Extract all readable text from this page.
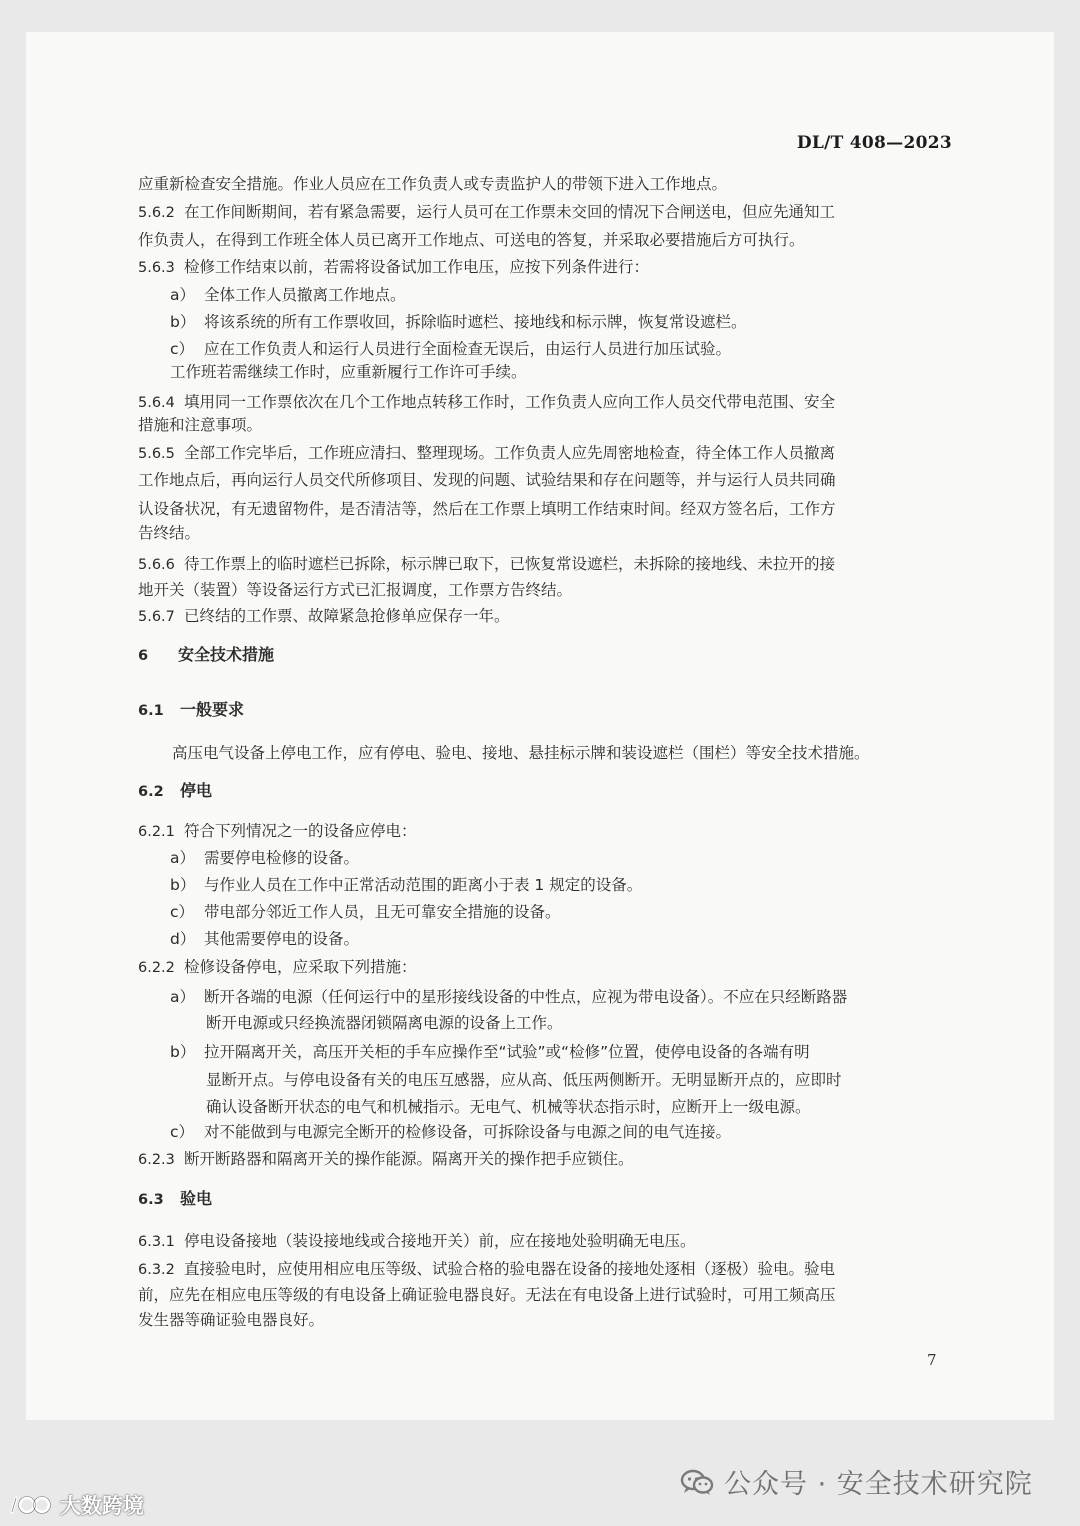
DL/T 408—2023
应重新检查安全措施。作业人员应在工作负责人或专责监护人的带领下进入工作地点。
5.6.2 在工作间断期间，若有紧急需要，运行人员可在工作票未交回的情况下合闸送电，但应先通知工
作负责人，在得到工作班全体人员已离开工作地点、可送电的答复，并采取必要措施后方可执行。
5.6.3 检修工作结束以前，若需将设备试加工作电压，应按下列条件进行：
a） 全体工作人员撤离工作地点。
b） 将该系统的所有工作票收回，拆除临时遮栏、接地线和标示牌，恢复常设遮栏。
c） 应在工作负责人和运行人员进行全面检查无误后，由运行人员进行加压试验。
工作班若需继续工作时，应重新履行工作许可手续。
5.6.4 填用同一工作票依次在几个工作地点转移工作时，工作负责人应向工作人员交代带电范围、安全
措施和注意事项。
5.6.5 全部工作完毕后，工作班应清扫、整理现场。工作负责人应先周密地检查，待全体工作人员撤离
工作地点后，再向运行人员交代所修项目、发现的问题、试验结果和存在问题等，并与运行人员共同确
认设备状况，有无遗留物件，是否清洁等，然后在工作票上填明工作结束时间。经双方签名后，工作方
告终结。
5.6.6 待工作票上的临时遮栏已拆除，标示牌已取下，已恢复常设遮栏，未拆除的接地线、未拉开的接
地开关（装置）等设备运行方式已汇报调度，工作票方告终结。
5.6.7 已终结的工作票、故障紧急抢修单应保存一年。
6 安全技术措施
6.1 一般要求
高压电气设备上停电工作，应有停电、验电、接地、悬挂标示牌和装设遮栏（围栏）等安全技术措施。
6.2 停电
6.2.1 符合下列情况之一的设备应停电：
a） 需要停电检修的设备。
b） 与作业人员在工作中正常活动范围的距离小于表 1 规定的设备。
c） 带电部分邻近工作人员，且无可靠安全措施的设备。
d） 其他需要停电的设备。
6.2.2 检修设备停电，应采取下列措施：
a） 断开各端的电源（任何运行中的星形接线设备的中性点，应视为带电设备）。不应在只经断路器
断开电源或只经换流器闭锁隔离电源的设备上工作。
b） 拉开隔离开关，高压开关柜的手车应操作至“试验”或“检修”位置，使停电设备的各端有明
显断开点。与停电设备有关的电压互感器，应从高、低压两侧断开。无明显断开点的，应即时
确认设备断开状态的电气和机械指示。无电气、机械等状态指示时，应断开上一级电源。
c） 对不能做到与电源完全断开的检修设备，可拆除设备与电源之间的电气连接。
6.2.3 断开断路器和隔离开关的操作能源。隔离开关的操作把手应锁住。
6.3 验电
6.3.1 停电设备接地（装设接地线或合接地开关）前，应在接地处验明确无电压。
6.3.2 直接验电时，应使用相应电压等级、试验合格的验电器在设备的接地处逐相（逐极）验电。验电
前，应先在相应电压等级的有电设备上确证验电器良好。无法在有电设备上进行试验时，可用工频高压
发生器等确证验电器良好。
7
公众号 · 安全技术研究院
大数跨境
